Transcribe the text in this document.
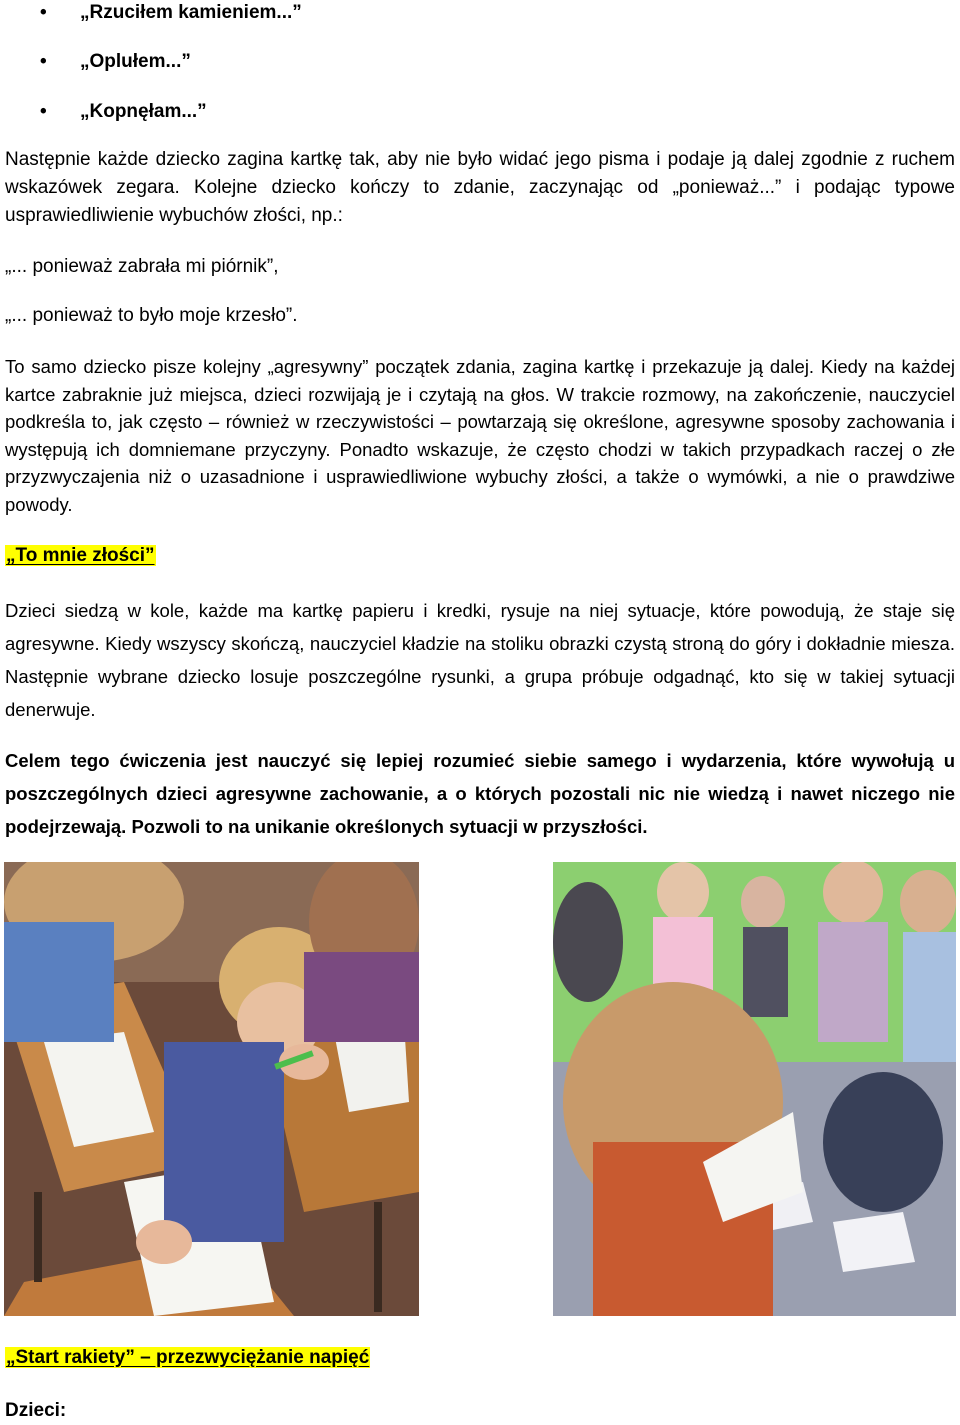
•	„Rzuciłem kamieniem...”
•	„Oplułem...”
•	„Kopnęłam...”
Następnie każde dziecko zagina kartkę tak, aby nie było widać jego pisma i podaje ją dalej zgodnie z ruchem wskazówek zegara. Kolejne dziecko kończy to zdanie, zaczynając od „ponieważ...” i podając typowe usprawiedliwienie wybuchów złości, np.:
„... ponieważ zabrała mi piórnik”,
„... ponieważ to było moje krzesło”.
To samo dziecko pisze kolejny „agresywny” początek zdania, zagina kartkę i przekazuje ją dalej. Kiedy na każdej kartce zabraknie już miejsca, dzieci rozwijają je i czytają na głos. W trakcie rozmowy, na zakończenie, nauczyciel podkreśla to, jak często – również w rzeczywistości – powtarzają się określone, agresywne sposoby zachowania i występują ich domniemane przyczyny. Ponadto wskazuje, że często chodzi w takich przypadkach raczej o złe przyzwyczajenia niż o uzasadnione i usprawiedliwione wybuchy złości, a także o wymówki, a nie o prawdziwe powody.
„To mnie złości”
Dzieci siedzą w kole, każde ma kartkę papieru i kredki, rysuje na niej sytuacje, które powodują, że staje się agresywne. Kiedy wszyscy skończą, nauczyciel kładzie na stoliku obrazki czystą stroną do góry i dokładnie miesza. Następnie wybrane dziecko losuje poszczególne rysunki, a grupa próbuje odgadnąć, kto się w takiej sytuacji denerwuje.
Celem tego ćwiczenia jest nauczyć się lepiej rozumieć siebie samego i wydarzenia, które wywołują u poszczególnych dzieci agresywne zachowanie, a o których pozostali nic nie wiedzą i nawet niczego nie podejrzewają. Pozwoli to na unikanie określonych sytuacji w przyszłości.
„Start rakiety” – przezwyciężanie napięć
Dzieci:
